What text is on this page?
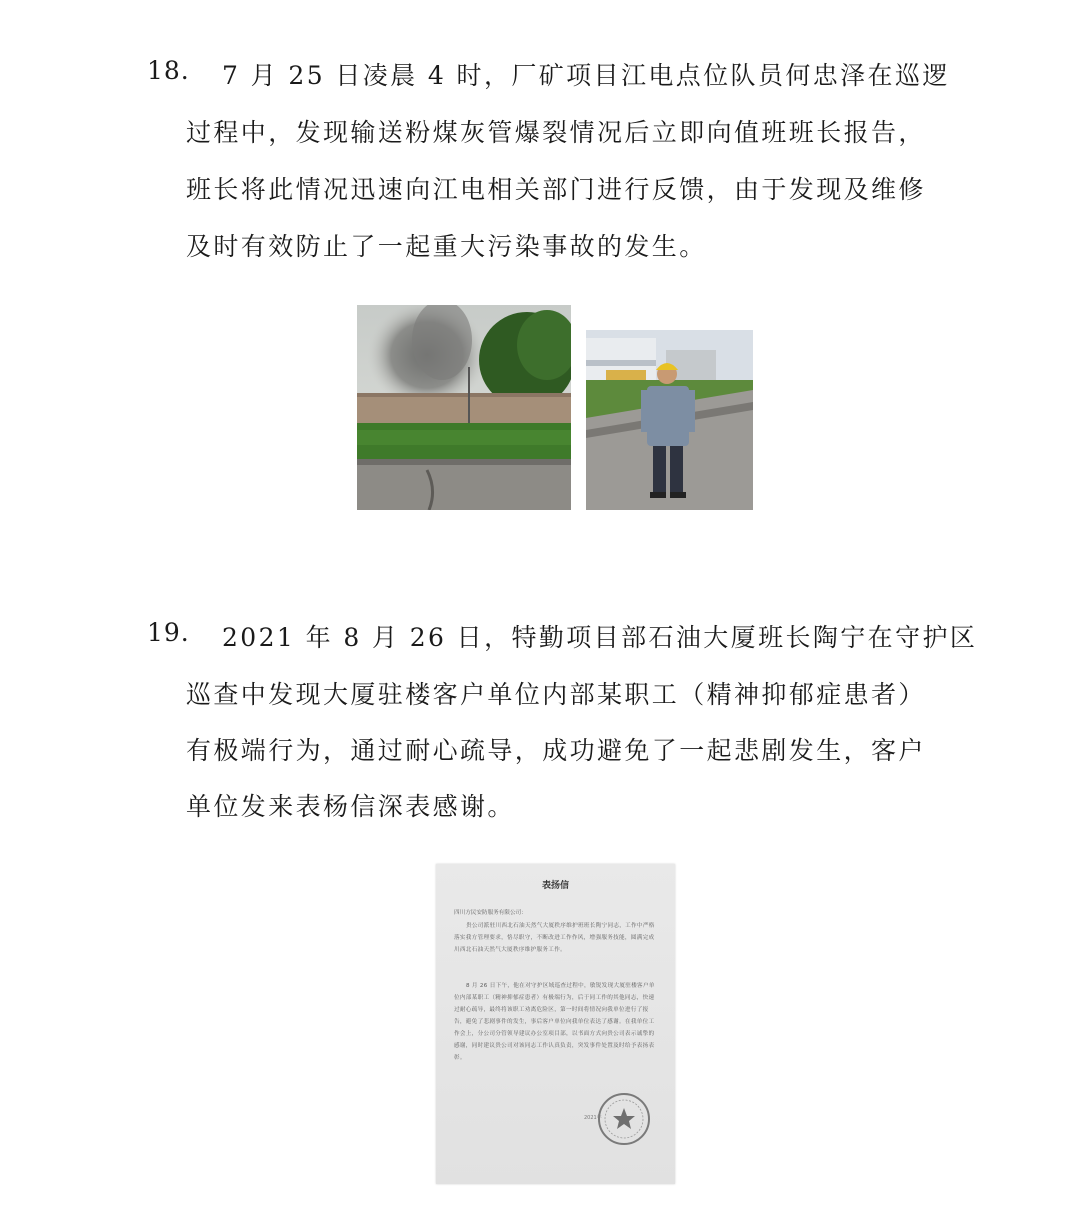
18. 7 月 25 日凌晨 4 时，厂矿项目江电点位队员何忠泽在巡逻
过程中，发现输送粉煤灰管爆裂情况后立即向值班班长报告，
班长将此情况迅速向江电相关部门进行反馈，由于发现及维修
及时有效防止了一起重大污染事故的发生。
19. 2021 年 8 月 26 日，特勤项目部石油大厦班长陶宁在守护区
巡查中发现大厦驻楼客户单位内部某职工（精神抑郁症患者）
有极端行为，通过耐心疏导，成功避免了一起悲剧发生，客户
单位发来表杨信深表感谢。
表扬信
四川方民安防服务有限公司：
贵公司派驻川西北石油天然气大厦秩序维护班班长陶宁同志，工作中严格落实我方管理要求，恪尽职守，不断改进工作作风，增强服务技能，圆满完成川西北石油天然气大厦秩序维护服务工作。
8 月 26 日下午，他在对守护区域巡查过程中，敏锐发现大厦驻楼客户单位内部某职工（精神抑郁症患者）有极端行为，后于同工作的其他同志，快速过耐心疏导，最终将该职工劝离危险区，第一时间将情况向我单位进行了报告，避免了悲剧事件的发生，事后客户单位向我单位表达了感谢。在我单位工作会上，分公司分管领导建议办公室项目部，以书面方式向贵公司表示诚挚的感谢，同时建议贵公司对该同志工作认真负责，突发事件处置及时给予表扬表彰。
2021年
